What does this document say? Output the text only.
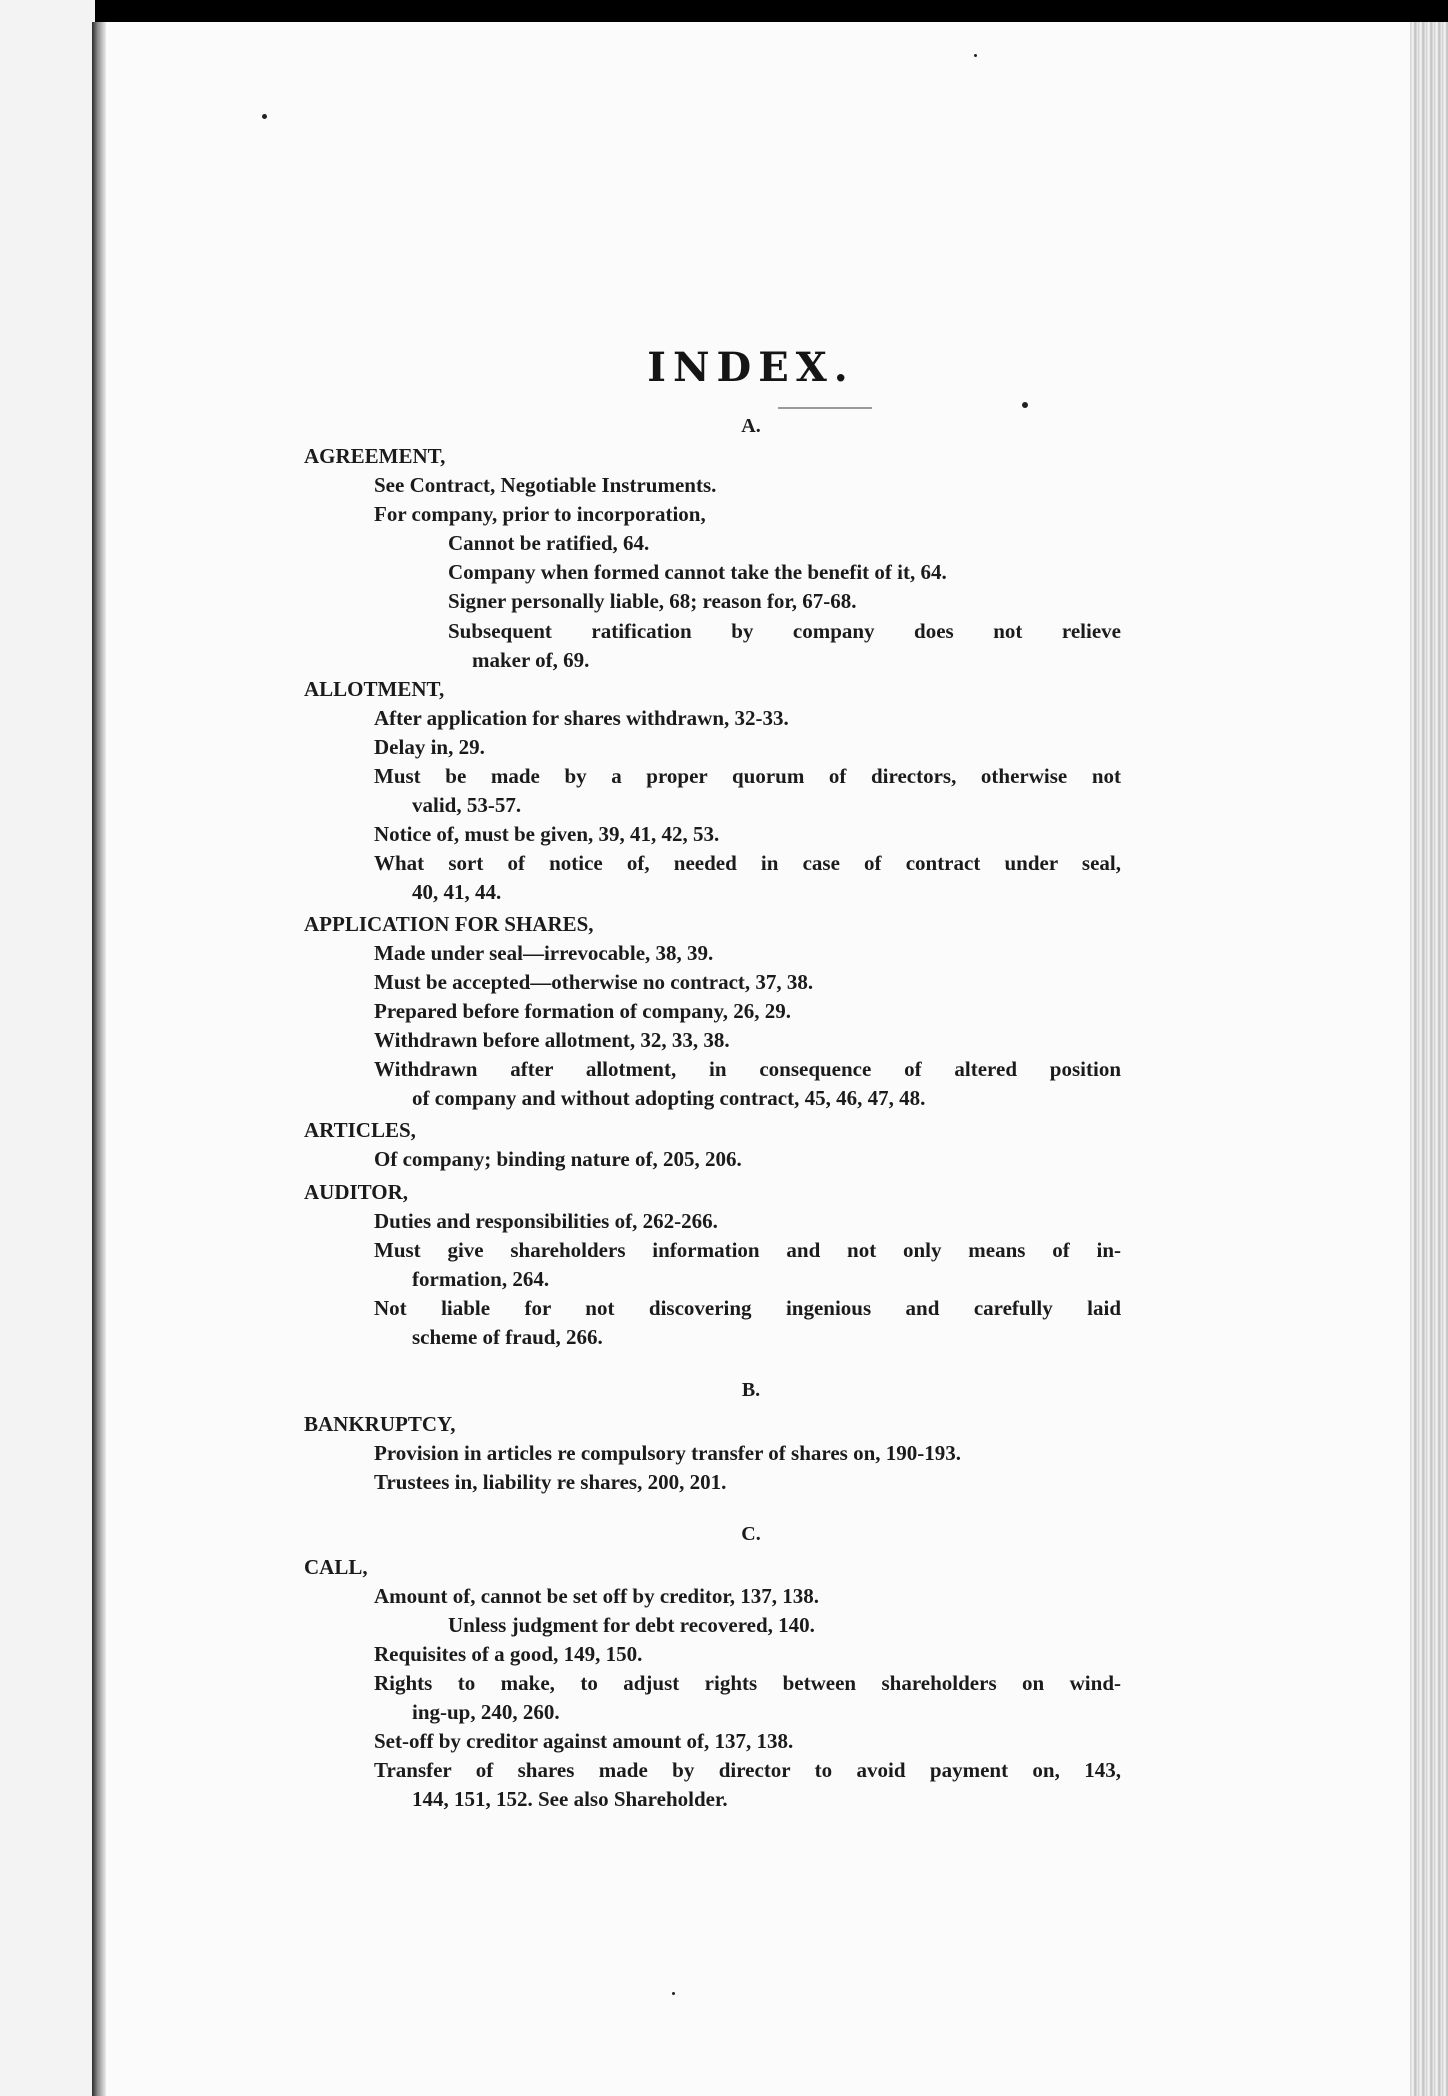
INDEX.
A.
AGREEMENT,
See Contract, Negotiable Instruments.
For company, prior to incorporation,
Cannot be ratified, 64.
Company when formed cannot take the benefit of it, 64.
Signer personally liable, 68; reason for, 67-68.
Subsequent ratification by company does not relieve
maker of, 69.
ALLOTMENT,
After application for shares withdrawn, 32-33.
Delay in, 29.
Must be made by a proper quorum of directors, otherwise not
valid, 53-57.
Notice of, must be given, 39, 41, 42, 53.
What sort of notice of, needed in case of contract under seal,
40, 41, 44.
APPLICATION FOR SHARES,
Made under seal—irrevocable, 38, 39.
Must be accepted—otherwise no contract, 37, 38.
Prepared before formation of company, 26, 29.
Withdrawn before allotment, 32, 33, 38.
Withdrawn after allotment, in consequence of altered position
of company and without adopting contract, 45, 46, 47, 48.
ARTICLES,
Of company; binding nature of, 205, 206.
AUDITOR,
Duties and responsibilities of, 262-266.
Must give shareholders information and not only means of in-
formation, 264.
Not liable for not discovering ingenious and carefully laid
scheme of fraud, 266.
B.
BANKRUPTCY,
Provision in articles re compulsory transfer of shares on, 190-193.
Trustees in, liability re shares, 200, 201.
C.
CALL,
Amount of, cannot be set off by creditor, 137, 138.
Unless judgment for debt recovered, 140.
Requisites of a good, 149, 150.
Rights to make, to adjust rights between shareholders on wind-
ing-up, 240, 260.
Set-off by creditor against amount of, 137, 138.
Transfer of shares made by director to avoid payment on, 143,
144, 151, 152. See also Shareholder.
